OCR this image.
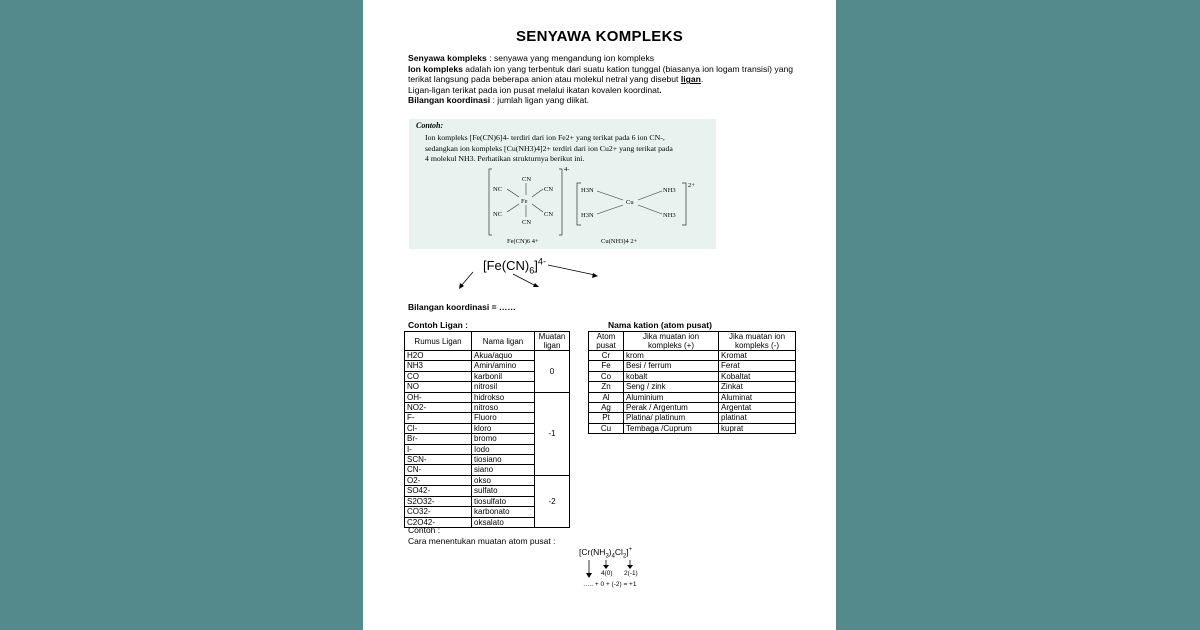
SENYAWA KOMPLEKS
Senyawa kompleks : senyawa yang mengandung ion kompleks
Ion kompleks adalah ion yang terbentuk dari suatu kation tunggal (biasanya ion logam transisi) yang terikat langsung pada beberapa anion atau molekul netral yang disebut ligan.
Ligan-ligan terikat pada ion pusat melalui ikatan kovalen koordinat.
Bilangan koordinasi : jumlah ligan yang diikat.
Contoh:
Ion kompleks [Fe(CN)6]4- terdiri dari ion Fe2+ yang terikat pada 6 ion CN-,
sedangkan ion kompleks [Cu(NH3)4]2+ terdiri dari ion Cu2+ yang terikat pada
4 molekul NH3. Perhatikan strukturnya berikut ini.
4-
CN
Fe
CN
NC
NC
CN
CN
Fe(CN)6 4+
2+
H3N
H3N
NH3
NH3
Cu
Cu(NH3)4 2+
$[Fe(CN)_6]^{4-}$
Bilangan koordinasi = ……
Contoh Ligan :	Nama kation (atom pusat)
Rumus Ligan	Nama ligan	Muatan ligan
H2O	Akua/aquo	0
NH3	Amin/amino	
CO	karbonil	
NO	nitrosil	
OH-	hidrokso	-1
NO2-	nitroso	
F-	Fluoro	
Cl-	kloro	
Br-	bromo	
I-	Iodo	
SCN-	tiosiano	
CN-	siano	
O2-	okso	-2
SO42-	sulfato	
S2O32-	tiosulfato	
CO32-	karbonato	
C2O42-	oksalato	
Atom pusat	Jika muatan ion kompleks (+)	Jika muatan ion kompleks (-)
Cr	krom	Kromat
Fe	Besi / ferrum	Ferat
Co	kobalt	Kobaltat
Zn	Seng / zink	Zinkat
Al	Aluminium	Aluminat
Ag	Perak / Argentum	Argentat
Pt	Platina/ platinum	platinat
Cu	Tembaga /Cuprum	kuprat
Contoh :
Cara menentukan muatan atom pusat :
$[Cr(NH_3)_4Cl_2]^+$
4(0) 2(-1)
….. + 0 + (-2) = +1
